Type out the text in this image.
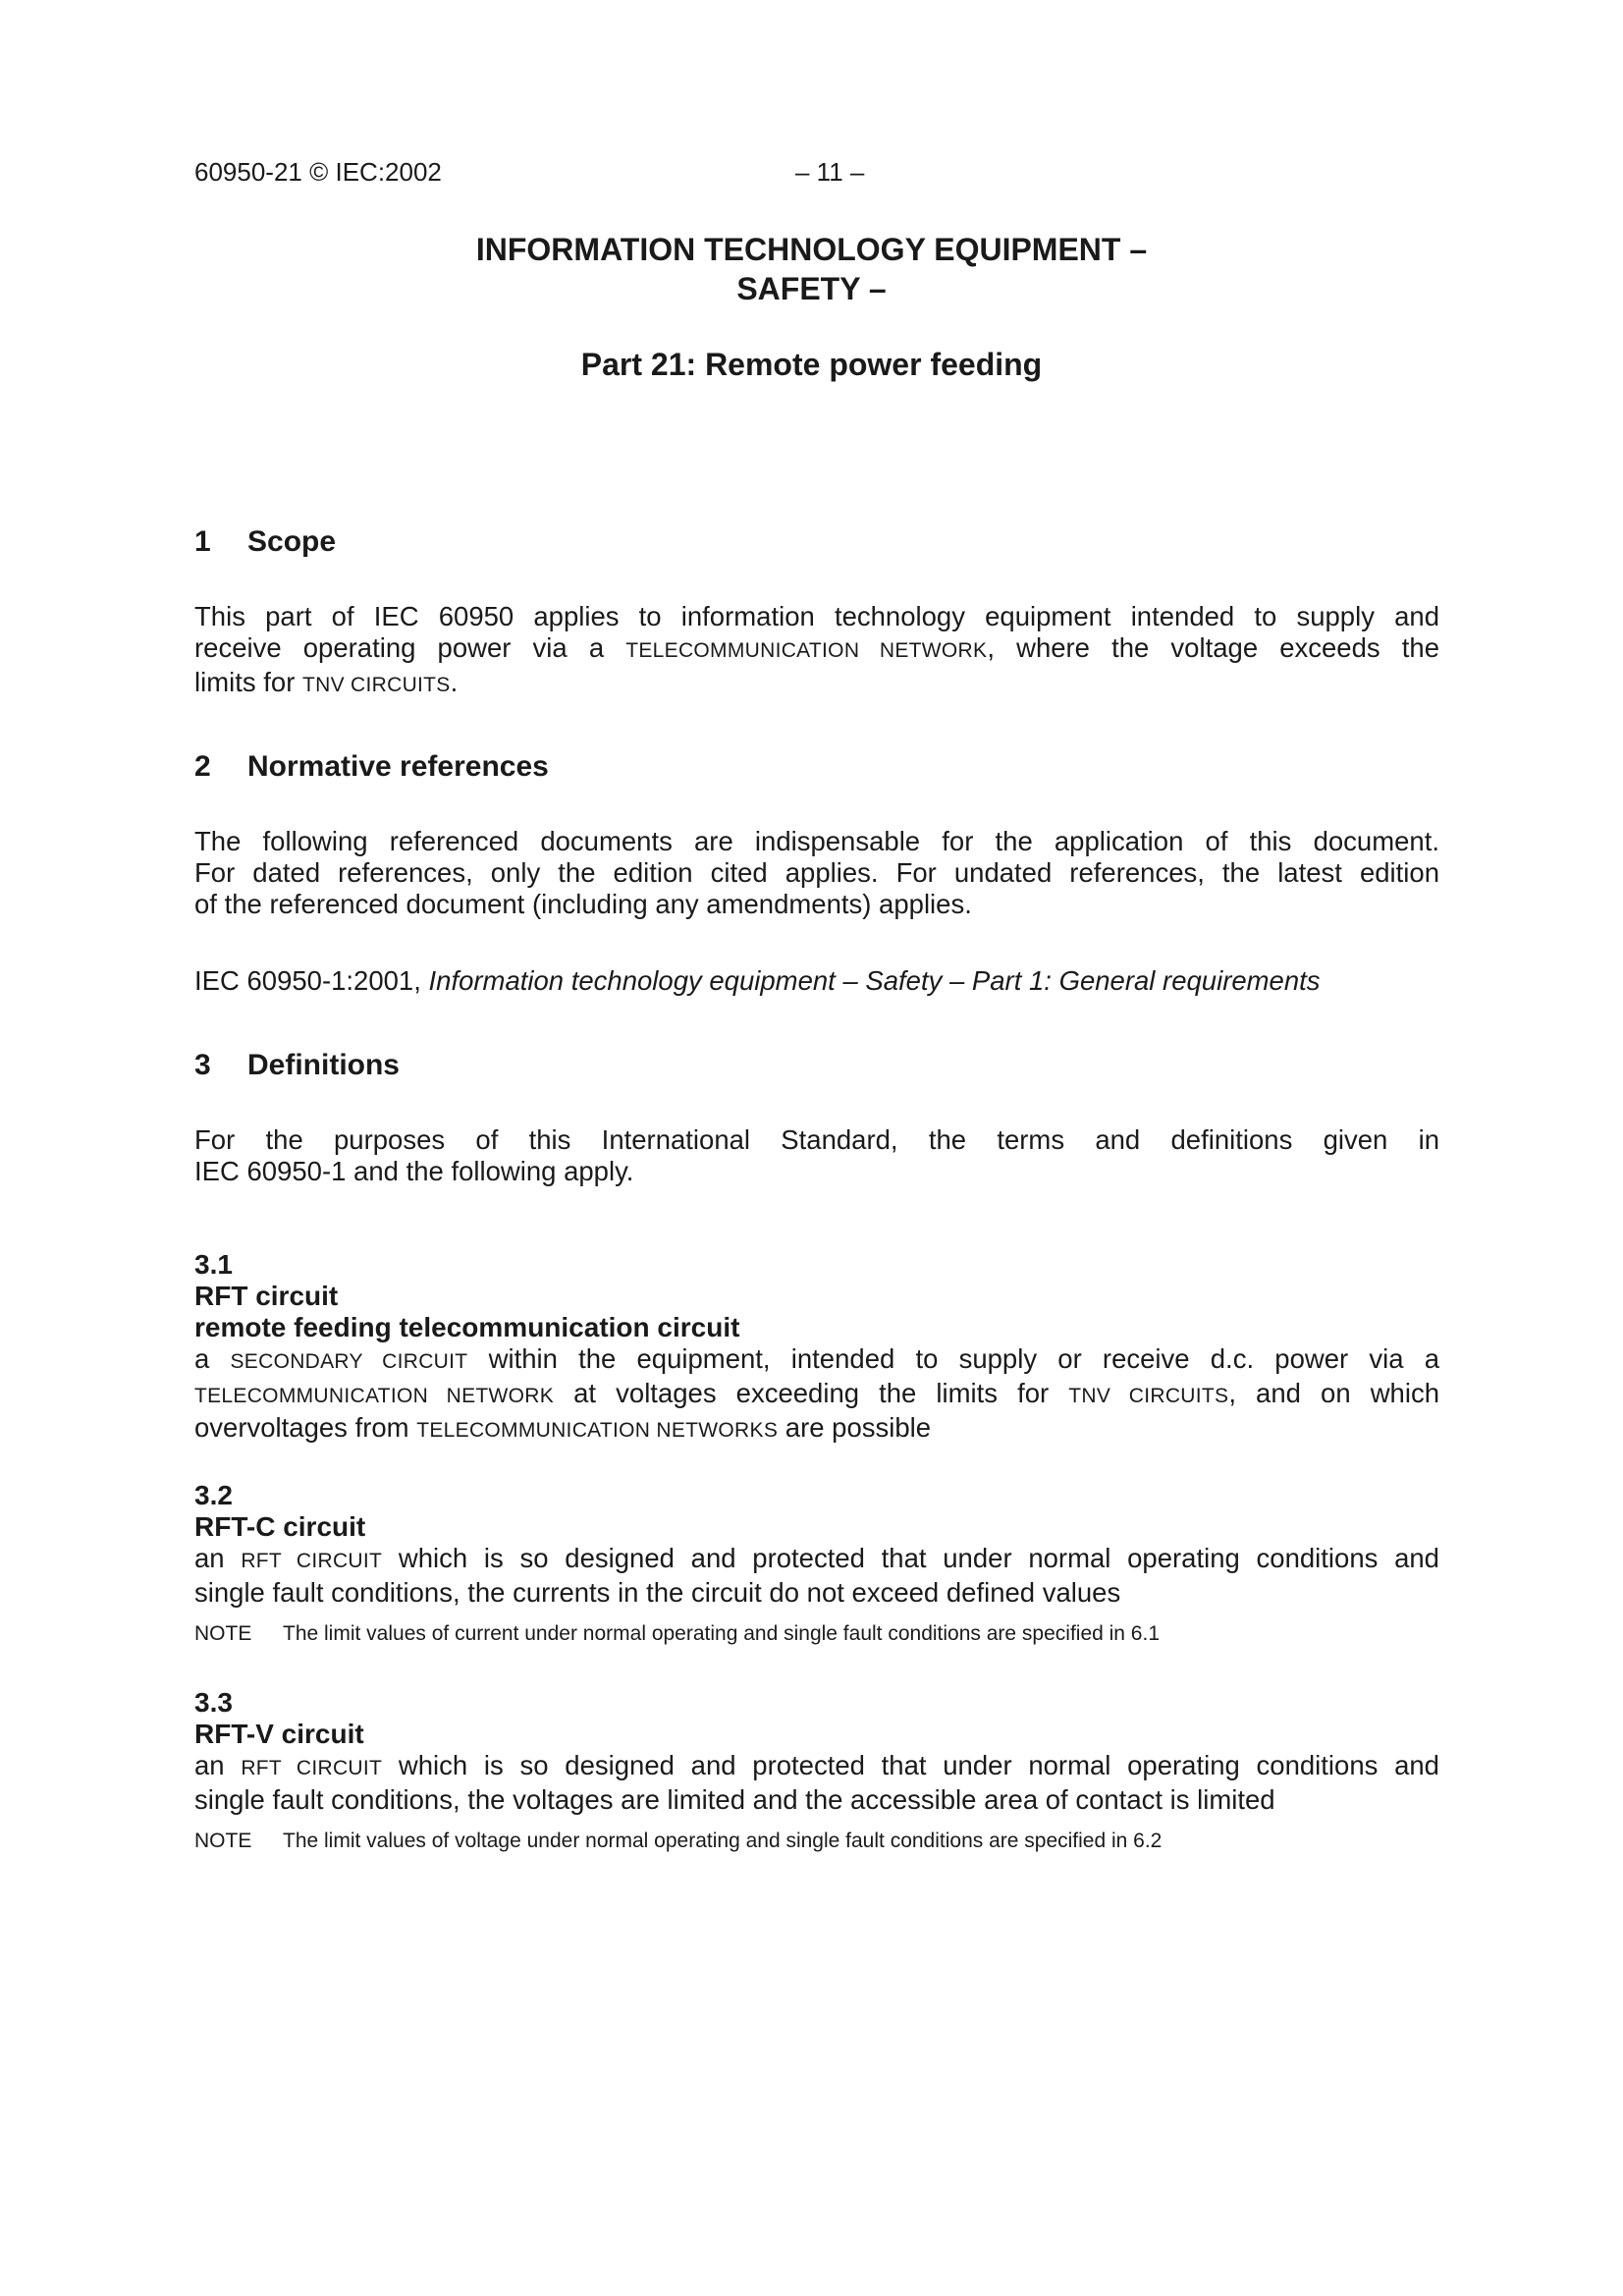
60950-21 © IEC:2002	– 11 –
INFORMATION TECHNOLOGY EQUIPMENT –
SAFETY –
Part 21: Remote power feeding
1 Scope
This part of IEC 60950 applies to information technology equipment intended to supply and
receive operating power via a TELECOMMUNICATION NETWORK, where the voltage exceeds the
limits for TNV CIRCUITS.
2 Normative references
The following referenced documents are indispensable for the application of this document.
For dated references, only the edition cited applies. For undated references, the latest edition
of the referenced document (including any amendments) applies.
IEC 60950-1:2001, Information technology equipment – Safety – Part 1: General requirements
3 Definitions
For the purposes of this International Standard, the terms and definitions given in
IEC 60950-1 and the following apply.
3.1
RFT circuit
remote feeding telecommunication circuit
a SECONDARY CIRCUIT within the equipment, intended to supply or receive d.c. power via a
TELECOMMUNICATION NETWORK at voltages exceeding the limits for TNV CIRCUITS, and on which
overvoltages from TELECOMMUNICATION NETWORKS are possible
3.2
RFT-C circuit
an RFT CIRCUIT which is so designed and protected that under normal operating conditions and
single fault conditions, the currents in the circuit do not exceed defined values
NOTE The limit values of current under normal operating and single fault conditions are specified in 6.1
3.3
RFT-V circuit
an RFT CIRCUIT which is so designed and protected that under normal operating conditions and
single fault conditions, the voltages are limited and the accessible area of contact is limited
NOTE The limit values of voltage under normal operating and single fault conditions are specified in 6.2
